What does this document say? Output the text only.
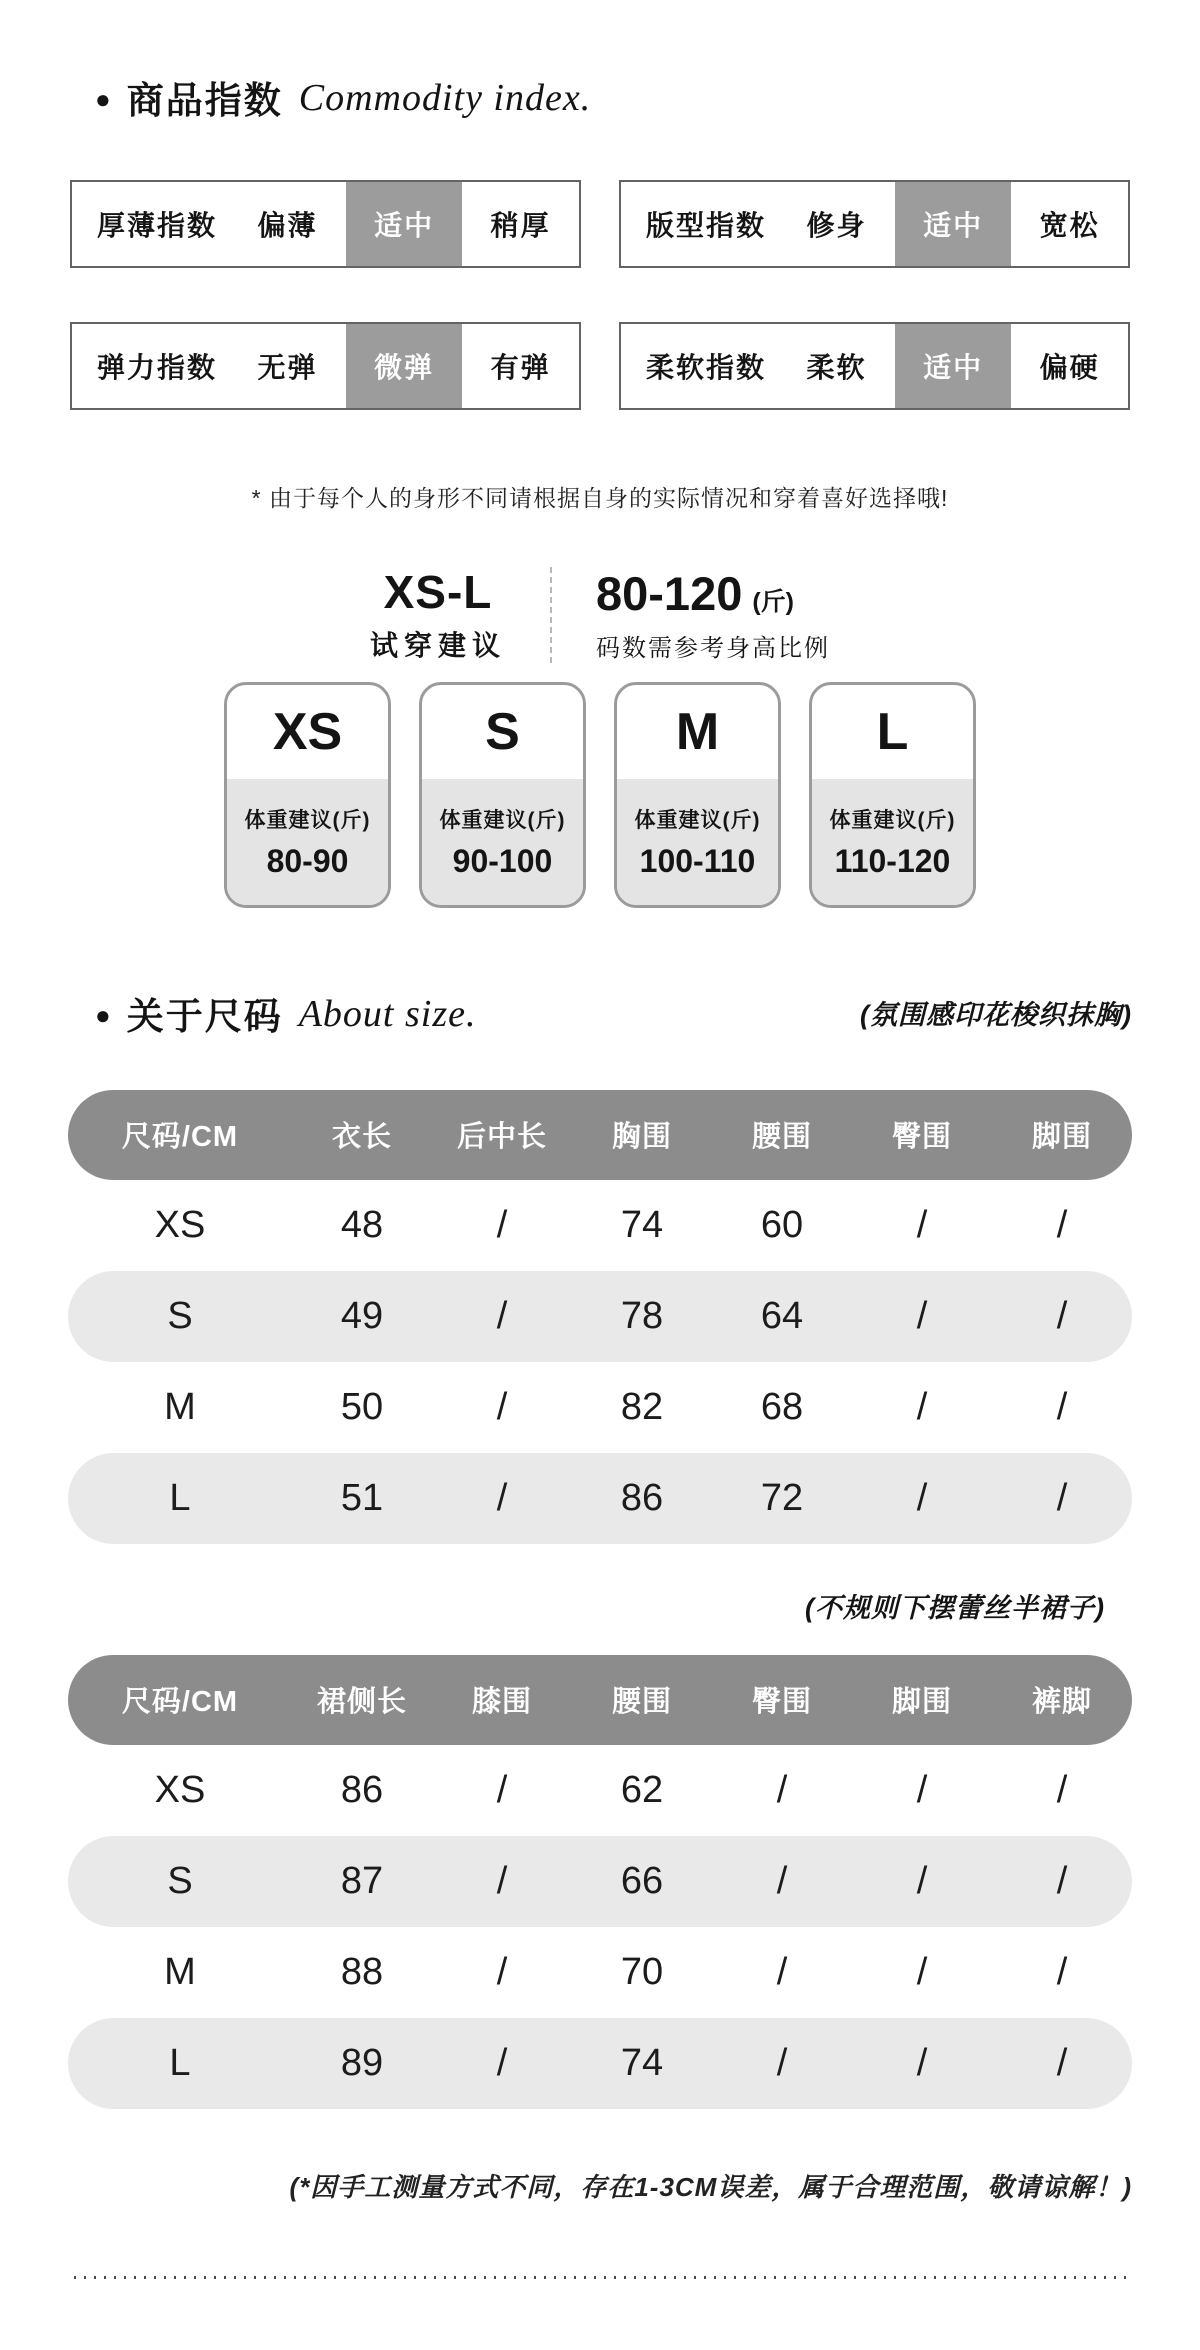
● 商品指数 Commodity index.
厚薄指数	偏薄	适中	稍厚	版型指数	修身	适中	宽松
弹力指数	无弹	微弹	有弹	柔软指数	柔软	适中	偏硬
* 由于每个人的身形不同请根据自身的实际情况和穿着喜好选择哦!
XS-L
试穿建议
80-120 (斤)
码数需参考身高比例
XS
体重建议(斤)
80-90
S
体重建议(斤)
90-100
M
体重建议(斤)
100-110
L
体重建议(斤)
110-120
● 关于尺码 About size.	(氛围感印花梭织抹胸)
尺码/CM	衣长	后中长	胸围	腰围	臀围	脚围
XS	48	/	74	60	/	/
S	49	/	78	64	/	/
M	50	/	82	68	/	/
L	51	/	86	72	/	/
(不规则下摆蕾丝半裙子)
尺码/CM	裙侧长	膝围	腰围	臀围	脚围	裤脚
XS	86	/	62	/	/	/
S	87	/	66	/	/	/
M	88	/	70	/	/	/
L	89	/	74	/	/	/
(*因手工测量方式不同，存在1-3CM误差，属于合理范围，敬请谅解！)
